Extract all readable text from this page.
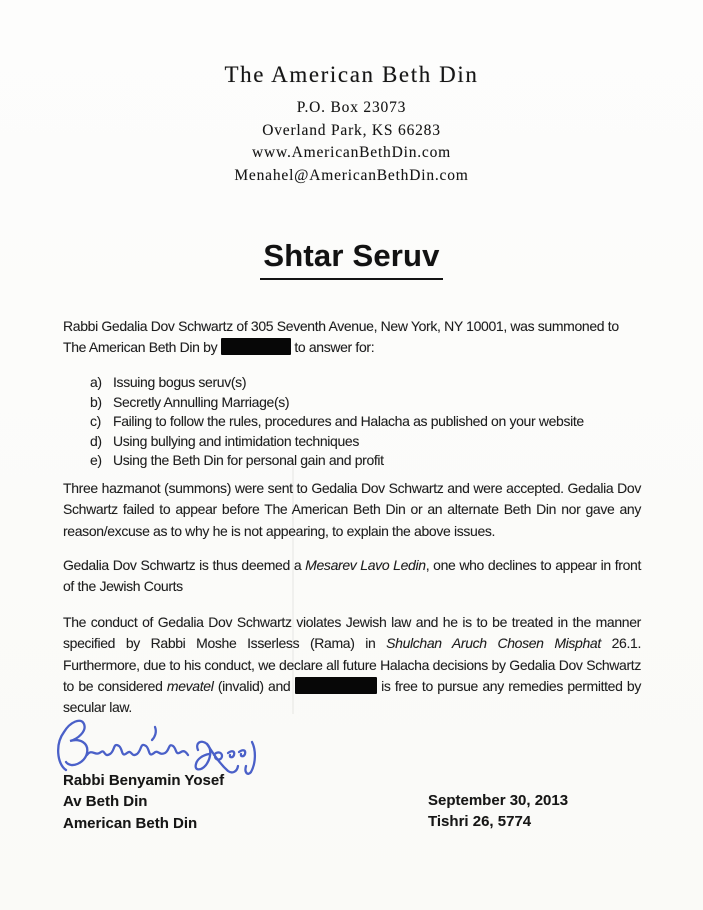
The American Beth Din
P.O. Box 23073
Overland Park, KS 66283
www.AmericanBethDin.com
Menahel@AmericanBethDin.com
Shtar Seruv
Rabbi Gedalia Dov Schwartz of 305 Seventh Avenue, New York, NY 10001, was summoned to The American Beth Din by	to answer for:
a) Issuing bogus seruv(s)
b) Secretly Annulling Marriage(s)
c) Failing to follow the rules, procedures and Halacha as published on your website
d) Using bullying and intimidation techniques
e) Using the Beth Din for personal gain and profit
Three hazmanot (summons) were sent to Gedalia Dov Schwartz and were accepted. Gedalia Dov Schwartz failed to appear before The American Beth Din or an alternate Beth Din nor gave any reason/excuse as to why he is not appearing, to explain the above issues.
Gedalia Dov Schwartz is thus deemed a Mesarev Lavo Ledin, one who declines to appear in front of the Jewish Courts
The conduct of Gedalia Dov Schwartz violates Jewish law and he is to be treated in the manner specified by Rabbi Moshe Isserless (Rama) in Shulchan Aruch Chosen Misphat 26.1. Furthermore, due to his conduct, we declare all future Halacha decisions by Gedalia Dov Schwartz to be considered mevatel (invalid) and	is free to pursue any remedies permitted by secular law.
Rabbi Benyamin Yosef
Av Beth Din
American Beth Din
September 30, 2013
Tishri 26, 5774
